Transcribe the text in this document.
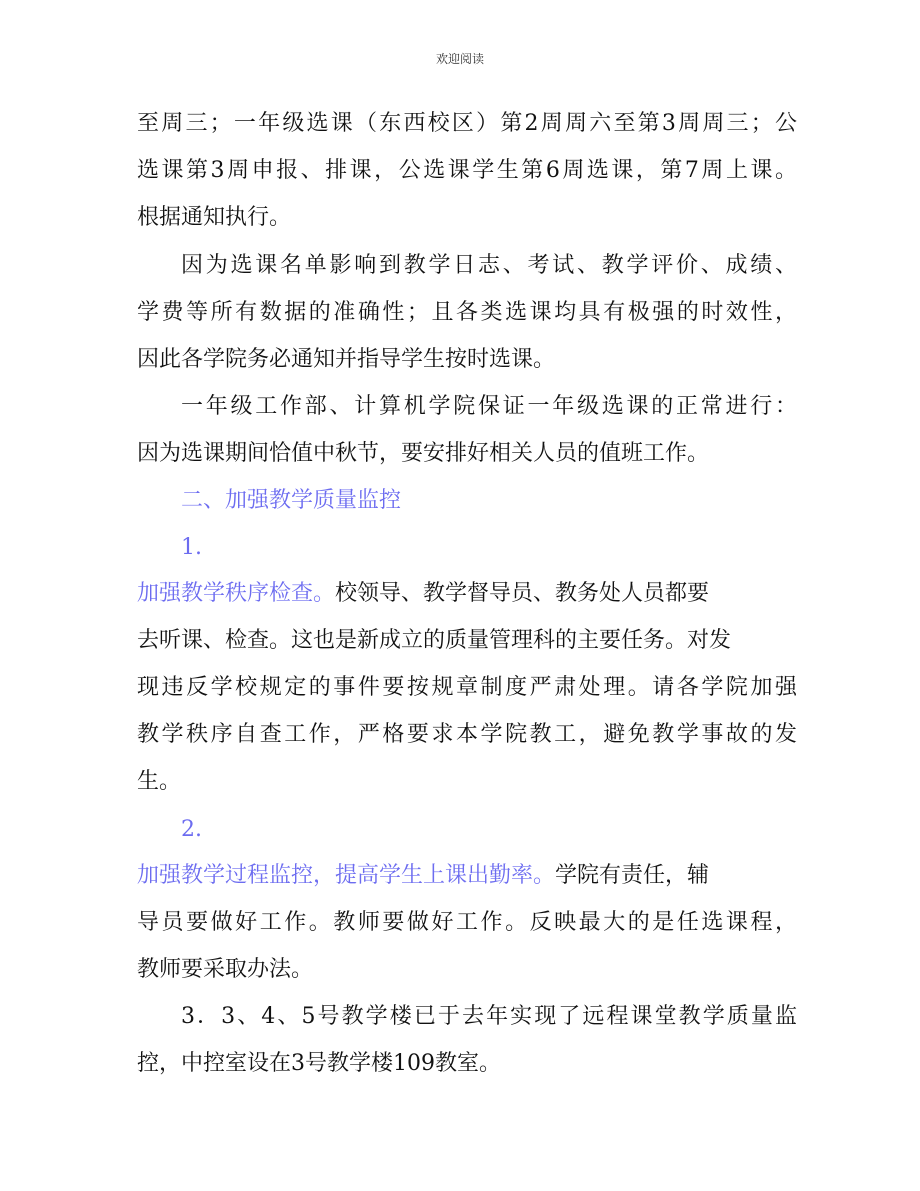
欢迎阅读
至周三；一年级选课（东西校区）第2周周六至第3周周三；公
选课第3周申报、排课，公选课学生第6周选课，第7周上课。
根据通知执行。
因为选课名单影响到教学日志、考试、教学评价、成绩、
学费等所有数据的准确性；且各类选课均具有极强的时效性，
因此各学院务必通知并指导学生按时选课。
一年级工作部、计算机学院保证一年级选课的正常进行：
因为选课期间恰值中秋节，要安排好相关人员的值班工作。
二、加强教学质量监控
1.
加强教学秩序检查。校领导、教学督导员、教务处人员都要
去听课、检查。这也是新成立的质量管理科的主要任务。对发
现违反学校规定的事件要按规章制度严肃处理。请各学院加强
教学秩序自查工作，严格要求本学院教工，避免教学事故的发
生。
2.
加强教学过程监控，提高学生上课出勤率。学院有责任，辅
导员要做好工作。教师要做好工作。反映最大的是任选课程，
教师要采取办法。
3．3、4、5号教学楼已于去年实现了远程课堂教学质量监
控，中控室设在3号教学楼109教室。
